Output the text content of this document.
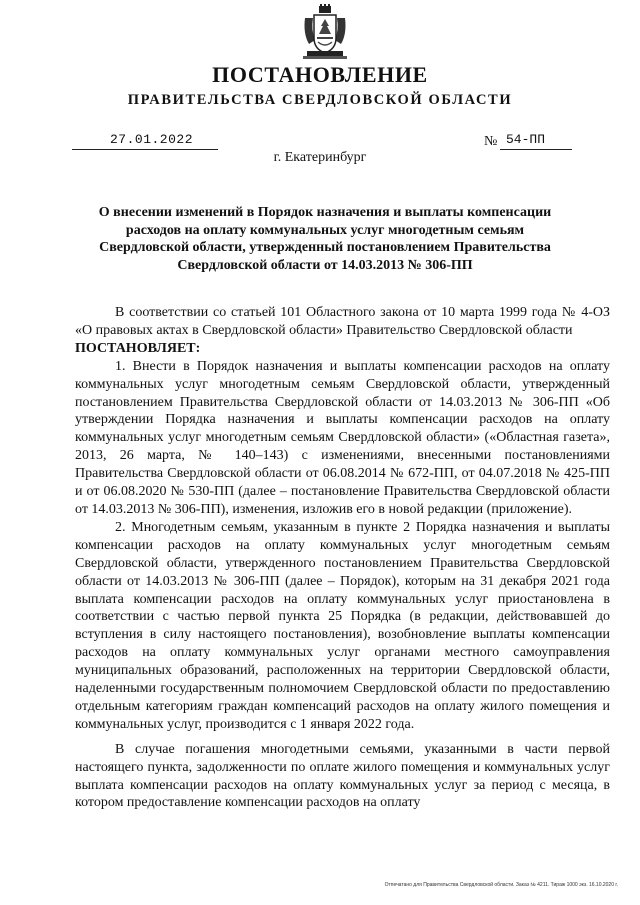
ПОСТАНОВЛЕНИЕ
ПРАВИТЕЛЬСТВА СВЕРДЛОВСКОЙ ОБЛАСТИ
27.01.2022	№ 54-ПП
г. Екатеринбург
О внесении изменений в Порядок назначения и выплаты компенсации расходов на оплату коммунальных услуг многодетным семьям Свердловской области, утвержденный постановлением Правительства Свердловской области от 14.03.2013 № 306-ПП

В соответствии со статьей 101 Областного закона от 10 марта 1999 года № 4-ОЗ «О правовых актах в Свердловской области» Правительство Свердловской области

ПОСТАНОВЛЯЕТ:

1. Внести в Порядок назначения и выплаты компенсации расходов на оплату коммунальных услуг многодетным семьям Свердловской области, утвержденный постановлением Правительства Свердловской области от 14.03.2013 № 306-ПП «Об утверждении Порядка назначения и выплаты компенсации расходов на оплату коммунальных услуг многодетным семьям Свердловской области» («Областная газета», 2013, 26 марта, № 140–143) с изменениями, внесенными постановлениями Правительства Свердловской области от 06.08.2014 № 672-ПП, от 04.07.2018 № 425-ПП и от 06.08.2020 № 530-ПП (далее – постановление Правительства Свердловской области от 14.03.2013 № 306-ПП), изменения, изложив его в новой редакции (приложение).

2. Многодетным семьям, указанным в пункте 2 Порядка назначения и выплаты компенсации расходов на оплату коммунальных услуг многодетным семьям Свердловской области, утвержденного постановлением Правительства Свердловской области от 14.03.2013 № 306-ПП (далее – Порядок), которым на 31 декабря 2021 года выплата компенсации расходов на оплату коммунальных услуг приостановлена в соответствии с частью первой пункта 25 Порядка (в редакции, действовавшей до вступления в силу настоящего постановления), возобновление выплаты компенсации расходов на оплату коммунальных услуг органами местного самоуправления муниципальных образований, расположенных на территории Свердловской области, наделенными государственным полномочием Свердловской области по предоставлению отдельным категориям граждан компенсаций расходов на оплату жилого помещения и коммунальных услуг, производится с 1 января 2022 года.

В случае погашения многодетными семьями, указанными в части первой настоящего пункта, задолженности по оплате жилого помещения и коммунальных услуг выплата компенсации расходов на оплату коммунальных услуг за период с месяца, в котором предоставление компенсации расходов на оплату

Отпечатано для Правительства Свердловской области. Заказ № 4211. Тираж 1000 экз. 16.10.2020 г.
